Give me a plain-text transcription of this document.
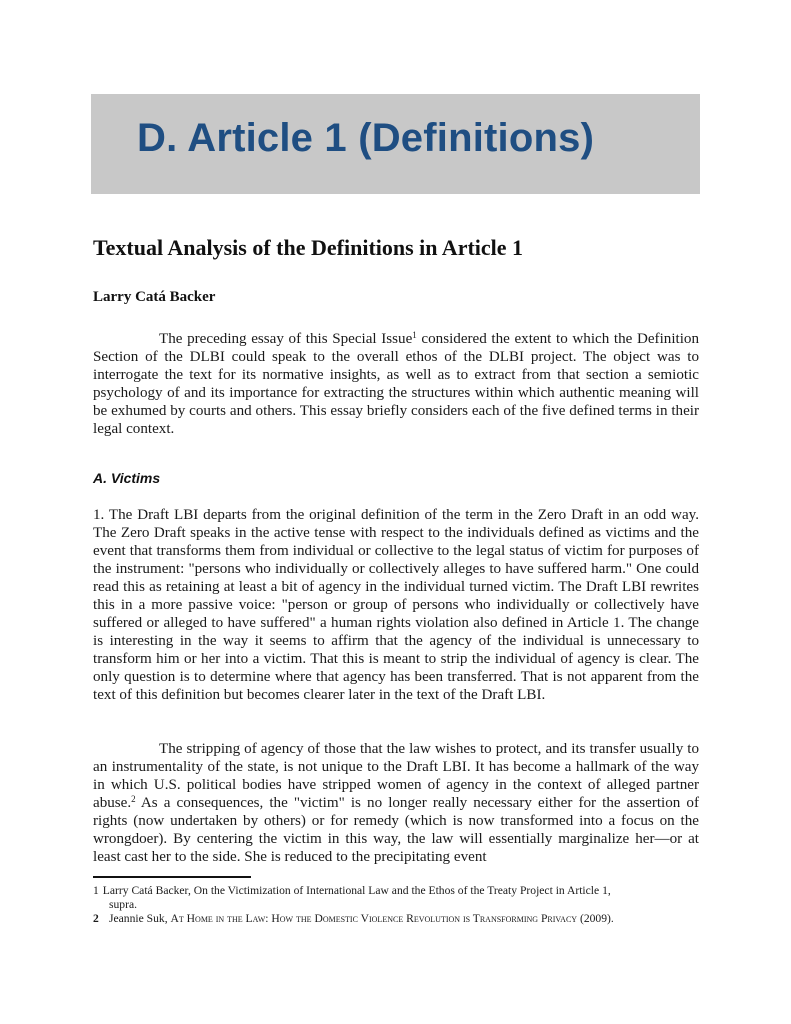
D. Article 1 (Definitions)
Textual Analysis of the Definitions in Article 1
Larry Catá Backer
The preceding essay of this Special Issue$^1$ considered the extent to which the Definition Section of the DLBI could speak to the overall ethos of the DLBI project. The object was to interrogate the text for its normative insights, as well as to extract from that section a semiotic psychology of and its importance for extracting the structures within which authentic meaning will be exhumed by courts and others. This essay briefly considers each of the five defined terms in their legal context.
A. Victims
1. The Draft LBI departs from the original definition of the term in the Zero Draft in an odd way. The Zero Draft speaks in the active tense with respect to the individuals defined as victims and the event that transforms them from individual or collective to the legal status of victim for purposes of the instrument: "persons who individually or collectively alleges to have suffered harm." One could read this as retaining at least a bit of agency in the individual turned victim. The Draft LBI rewrites this in a more passive voice: "person or group of persons who individually or collectively have suffered or alleged to have suffered" a human rights violation also defined in Article 1. The change is interesting in the way it seems to affirm that the agency of the individual is unnecessary to transform him or her into a victim. That this is meant to strip the individual of agency is clear. The only question is to determine where that agency has been transferred. That is not apparent from the text of this definition but becomes clearer later in the text of the Draft LBI.
The stripping of agency of those that the law wishes to protect, and its transfer usually to an instrumentality of the state, is not unique to the Draft LBI. It has become a hallmark of the way in which U.S. political bodies have stripped women of agency in the context of alleged partner abuse.$^2$ As a consequences, the "victim" is no longer really necessary either for the assertion of rights (now undertaken by others) or for remedy (which is now transformed into a focus on the wrongdoer). By centering the victim in this way, the law will essentially marginalize her—or at least cast her to the side. She is reduced to the precipitating event
1 Larry Catá Backer, On the Victimization of International Law and the Ethos of the Treaty Project in Article 1,
supra.
2 Jeannie Suk, At Home in the Law: How the Domestic Violence Revolution is Transforming Privacy (2009).
